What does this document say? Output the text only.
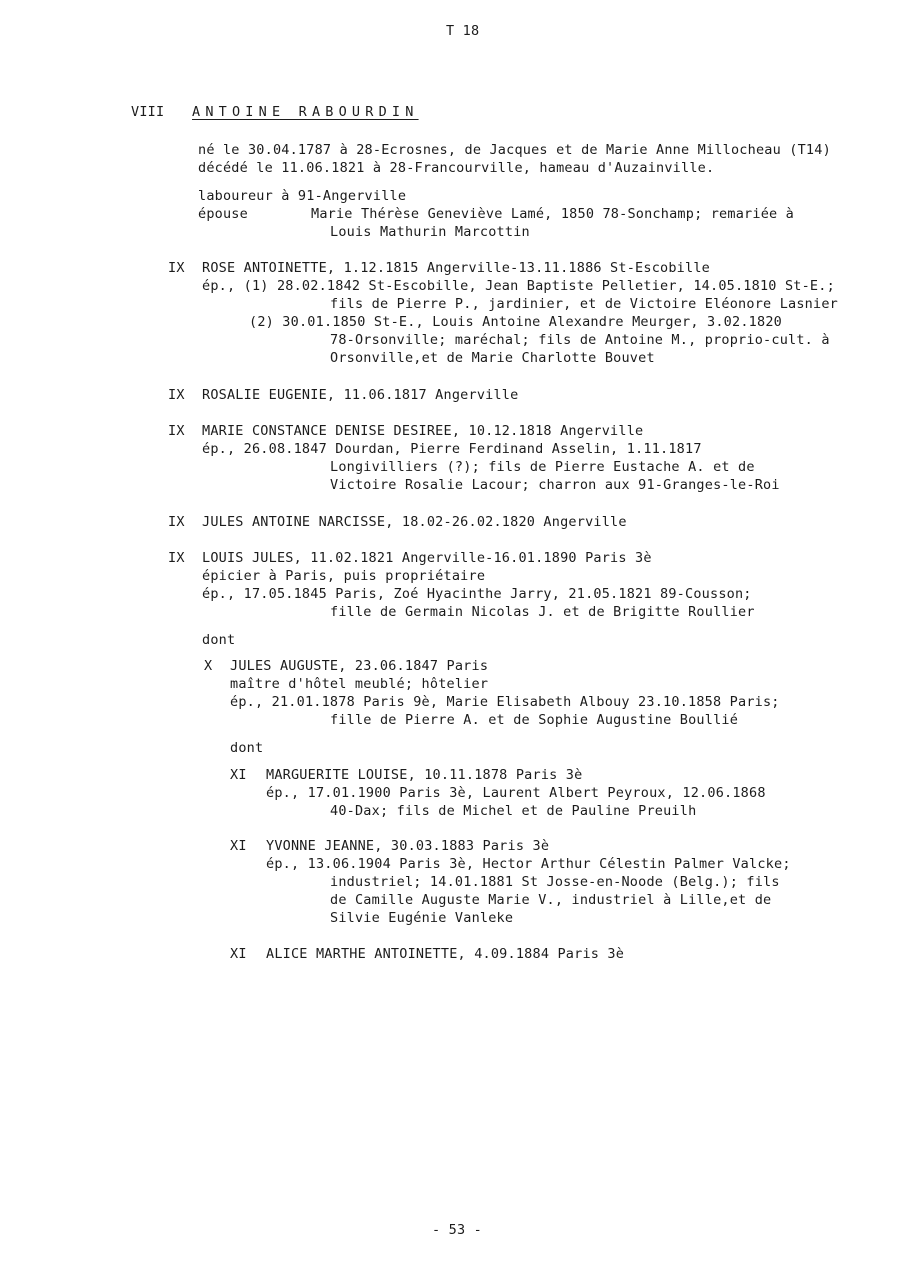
T 18
VIII ANTOINE RABOURDIN
né le 30.04.1787 à 28-Ecrosnes, de Jacques et de Marie Anne Millocheau (T14)
décédé le 11.06.1821 à 28-Francourville, hameau d'Auzainville.
laboureur à 91-Angerville
épouse	Marie Thérèse Geneviève Lamé, 1850 78-Sonchamp; remariée à
Louis Mathurin Marcottin
IX ROSE ANTOINETTE, 1.12.1815 Angerville-13.11.1886 St-Escobille
ép., (1) 28.02.1842 St-Escobille, Jean Baptiste Pelletier, 14.05.1810 St-E.;
fils de Pierre P., jardinier, et de Victoire Eléonore Lasnier
(2) 30.01.1850 St-E., Louis Antoine Alexandre Meurger, 3.02.1820
78-Orsonville; maréchal; fils de Antoine M., proprio-cult. à
Orsonville,et de Marie Charlotte Bouvet
IX ROSALIE EUGENIE, 11.06.1817 Angerville
IX MARIE CONSTANCE DENISE DESIREE, 10.12.1818 Angerville
ép., 26.08.1847 Dourdan, Pierre Ferdinand Asselin, 1.11.1817
Longivilliers (?); fils de Pierre Eustache A. et de
Victoire Rosalie Lacour; charron aux 91-Granges-le-Roi
IX JULES ANTOINE NARCISSE, 18.02-26.02.1820 Angerville
IX LOUIS JULES, 11.02.1821 Angerville-16.01.1890 Paris 3è
épicier à Paris, puis propriétaire
ép., 17.05.1845 Paris, Zoé Hyacinthe Jarry, 21.05.1821 89-Cousson;
fille de Germain Nicolas J. et de Brigitte Roullier
dont
X JULES AUGUSTE, 23.06.1847 Paris
maître d'hôtel meublé; hôtelier
ép., 21.01.1878 Paris 9è, Marie Elisabeth Albouy 23.10.1858 Paris;
fille de Pierre A. et de Sophie Augustine Boullié
dont
XI MARGUERITE LOUISE, 10.11.1878 Paris 3è
ép., 17.01.1900 Paris 3è, Laurent Albert Peyroux, 12.06.1868
40-Dax; fils de Michel et de Pauline Preuilh
XI YVONNE JEANNE, 30.03.1883 Paris 3è
ép., 13.06.1904 Paris 3è, Hector Arthur Célestin Palmer Valcke;
industriel; 14.01.1881 St Josse-en-Noode (Belg.); fils
de Camille Auguste Marie V., industriel à Lille,et de
Silvie Eugénie Vanleke
XI ALICE MARTHE ANTOINETTE, 4.09.1884 Paris 3è
- 53 -
